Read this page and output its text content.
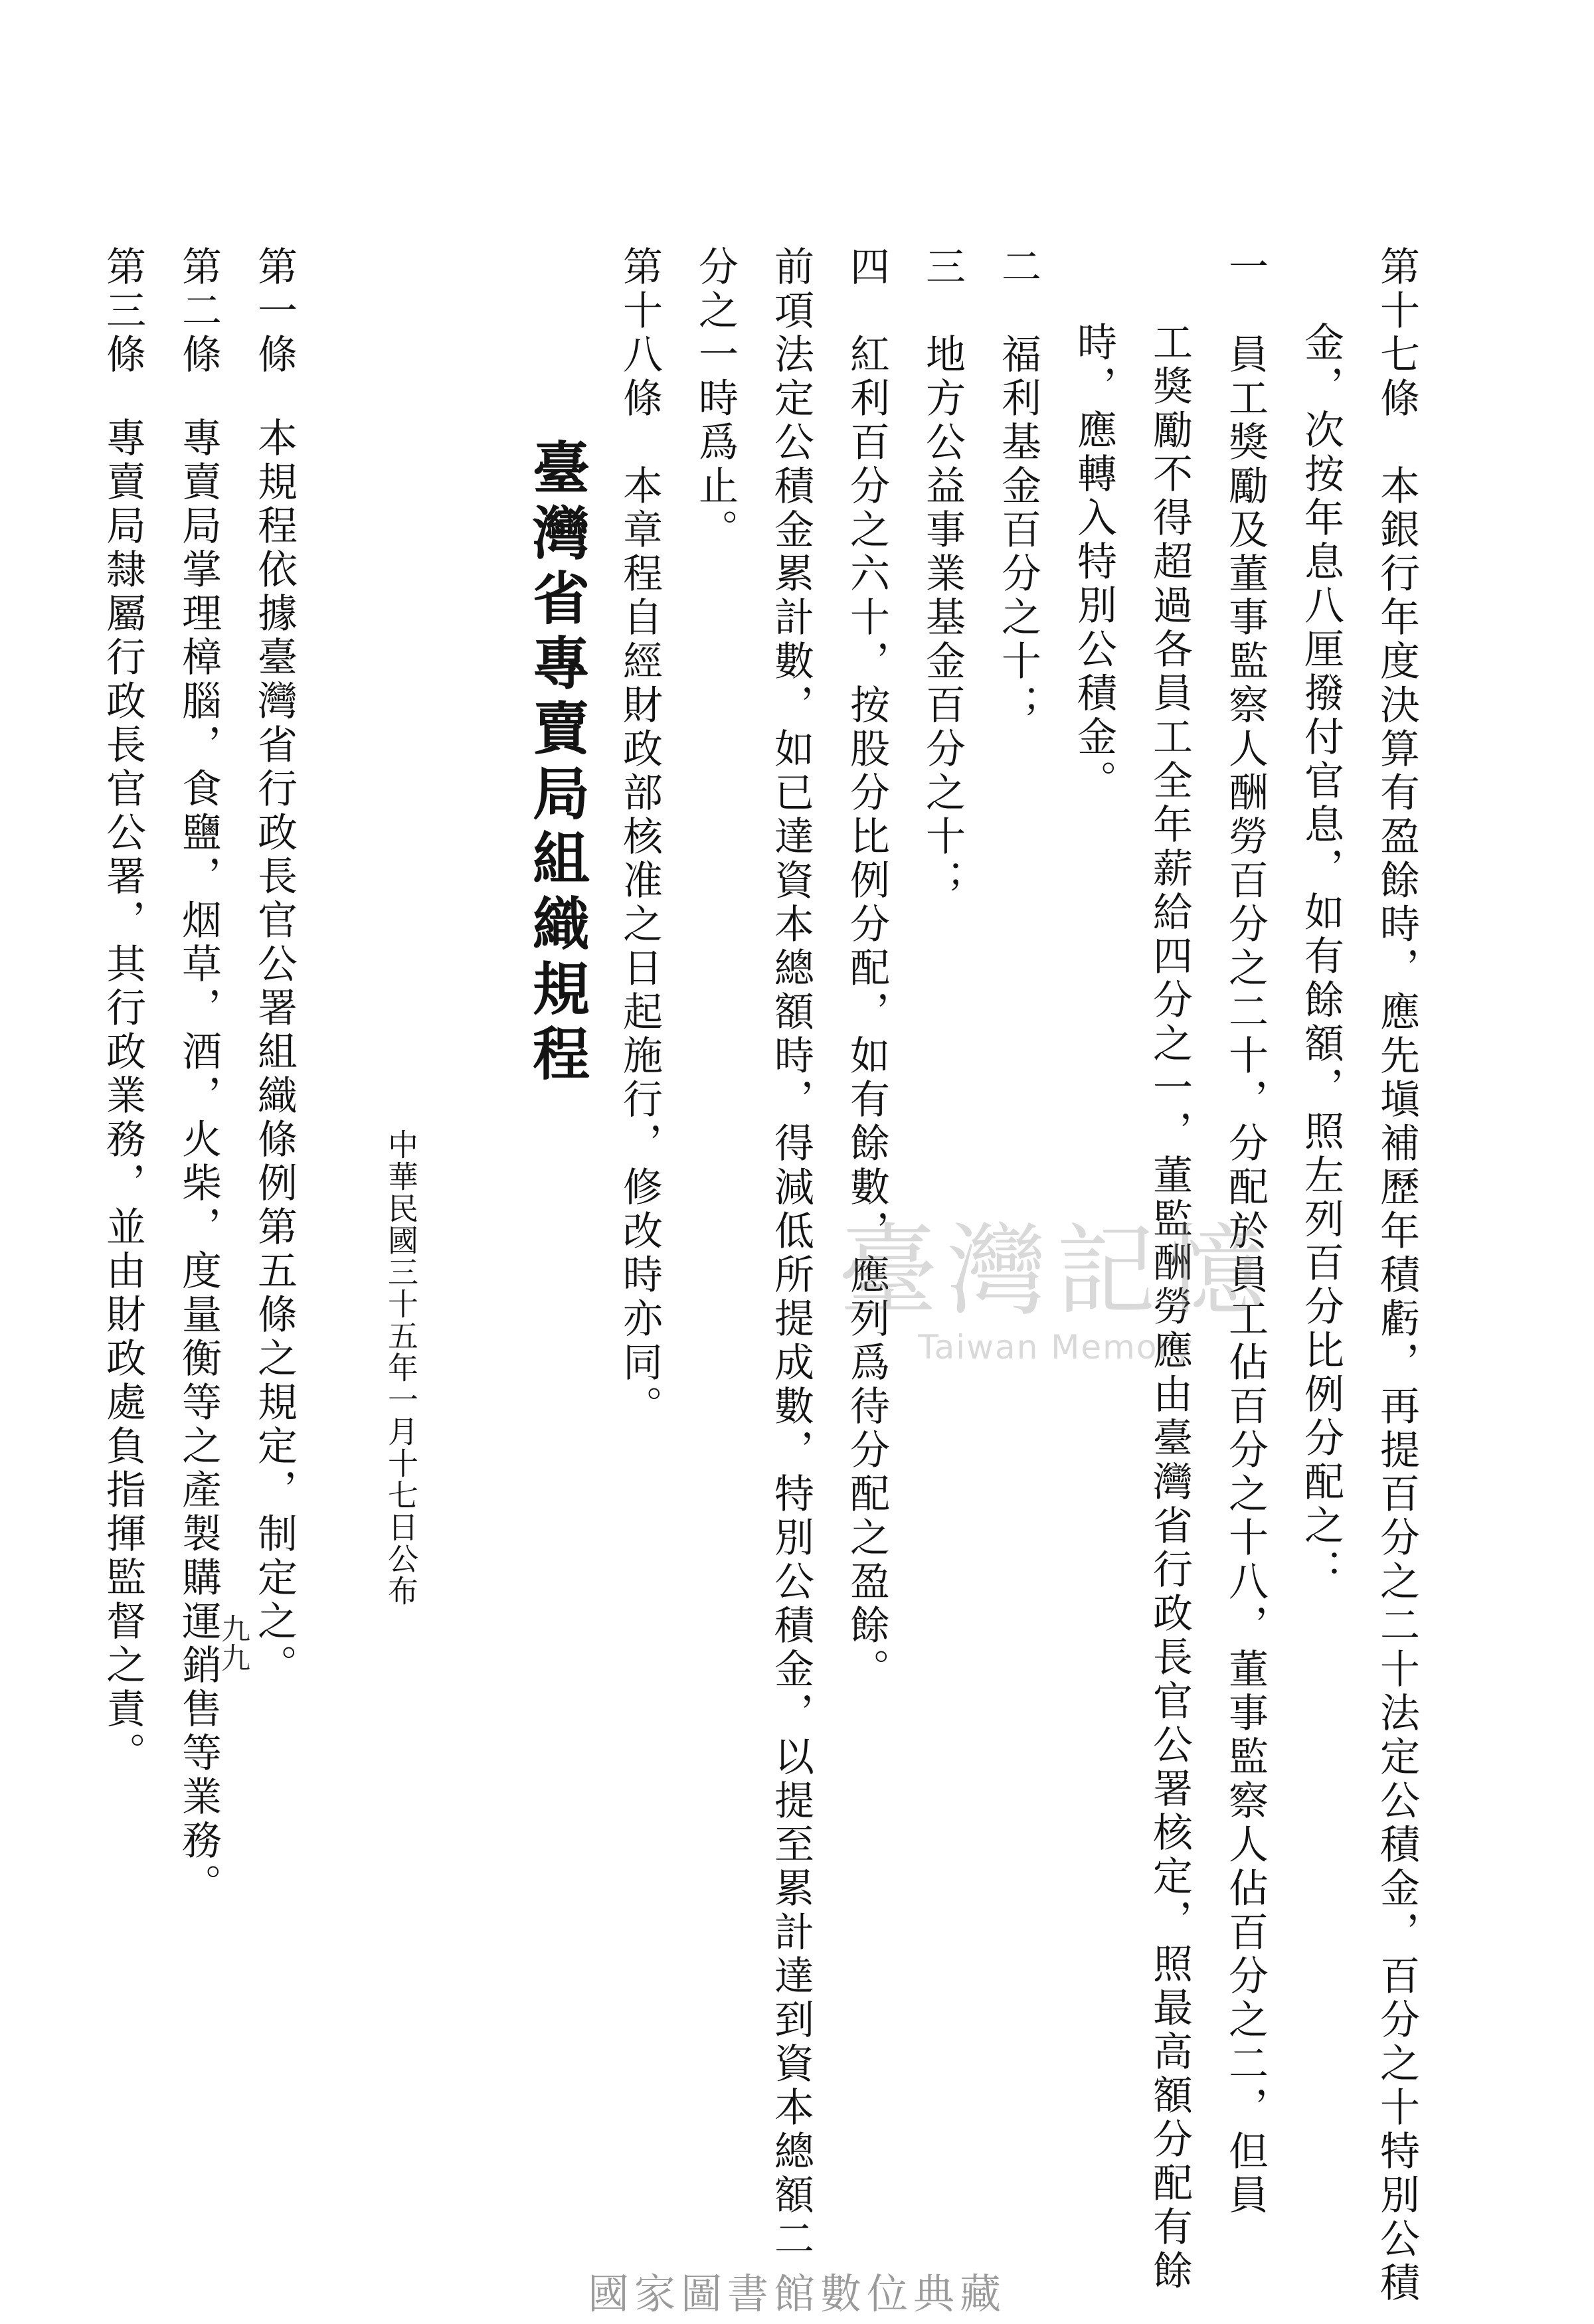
第十七條　本銀行年度決算有盈餘時，應先塡補歷年積虧，再提百分之二十法定公積金，百分之十特別公積
金，次按年息八厘撥付官息，如有餘額，照左列百分比例分配之：
一　員工獎勵及董事監察人酬勞百分之二十，分配於員工佔百分之十八，董事監察人佔百分之二，但員
工獎勵不得超過各員工全年薪給四分之一，董監酬勞應由臺灣省行政長官公署核定，照最高額分配有餘
時，應轉入特別公積金。
二　福利基金百分之十；
三　地方公益事業基金百分之十；
四　紅利百分之六十，按股分比例分配，如有餘數，應列爲待分配之盈餘。
前項法定公積金累計數，如已達資本總額時，得減低所提成數，特別公積金，以提至累計達到資本總額二
分之一時爲止。
第十八條　本章程自經財政部核准之日起施行，修改時亦同。
臺灣省專賣局組織規程
中華民國三十五年一月十七日公布
第一條本規程依據臺灣省行政長官公署組織條例第五條之規定，制定之。
第二條專賣局掌理樟腦，食鹽，烟草，酒，火柴，度量衡等之產製購運銷售等業務。
第三條專賣局隸屬行政長官公署，其行政業務，並由財政處負指揮監督之責。	九九
臺灣記憶
Taiwan Memory
國家圖書館數位典藏
